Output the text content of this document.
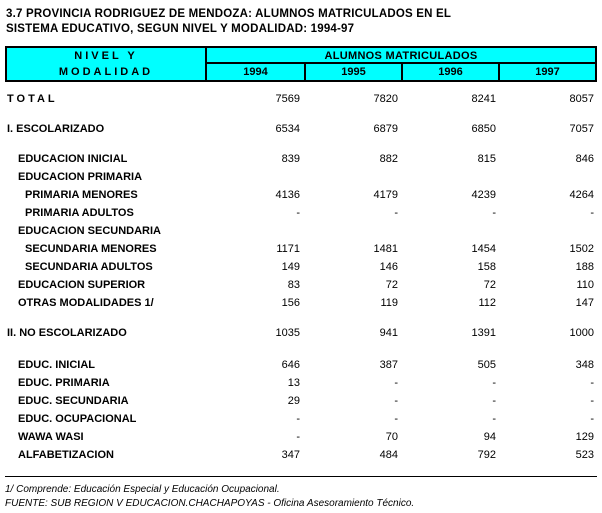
3.7 PROVINCIA RODRIGUEZ DE MENDOZA: ALUMNOS MATRICULADOS EN EL
SISTEMA EDUCATIVO, SEGUN NIVEL Y MODALIDAD: 1994-97
NIVEL Y
MODALIDAD
ALUMNOS MATRICULADOS
1994	1995	1996	1997
TOTAL	7569	7820	8241	8057
I. ESCOLARIZADO	6534	6879	6850	7057
EDUCACION INICIAL	839	882	815	846
EDUCACION PRIMARIA
PRIMARIA MENORES	4136	4179	4239	4264
PRIMARIA ADULTOS	-	-	-	-
EDUCACION SECUNDARIA
SECUNDARIA MENORES	1171	1481	1454	1502
SECUNDARIA ADULTOS	149	146	158	188
EDUCACION SUPERIOR	83	72	72	110
OTRAS MODALIDADES 1/	156	119	112	147
II. NO ESCOLARIZADO	1035	941	1391	1000
EDUC. INICIAL	646	387	505	348
EDUC. PRIMARIA	13	-	-	-
EDUC. SECUNDARIA	29	-	-	-
EDUC. OCUPACIONAL	-	-	-	-
WAWA WASI	-	70	94	129
ALFABETIZACION	347	484	792	523
1/ Comprende: Educación Especial y Educación Ocupacional.
FUENTE: SUB REGION V EDUCACION.CHACHAPOYAS - Oficina Asesoramiento Técnico.
